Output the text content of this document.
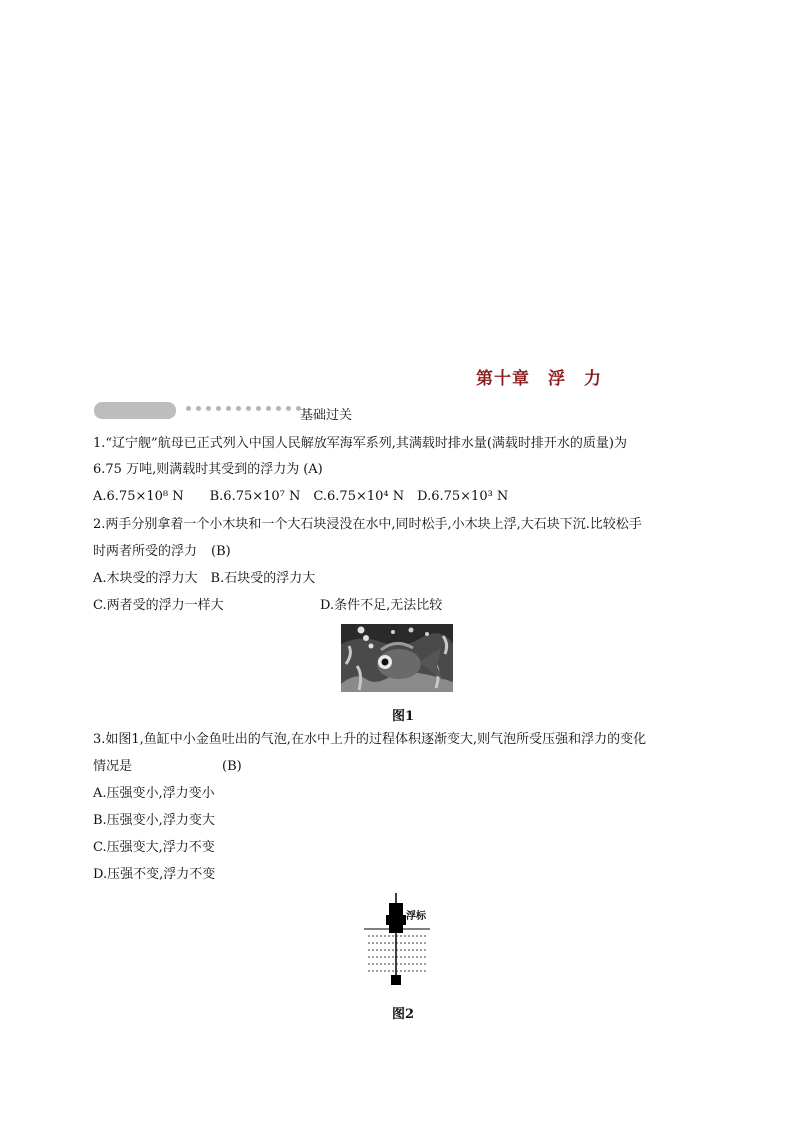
第十章 浮 力
基础过关
1.“辽宁舰”航母已正式列入中国人民解放军海军系列,其满载时排水量(满载时排开水的质量)为
6.75 万吨,则满载时其受到的浮力为 (A)
A.6.75×10⁸ N　　B.6.75×10⁷ N　C.6.75×10⁴ N　D.6.75×10³ N
2.两手分别拿着一个小木块和一个大石块浸没在水中,同时松手,小木块上浮,大石块下沉.比较松手
时两者所受的浮力 (B)
A.木块受的浮力大　B.石块受的浮力大
C.两者受的浮力一样大	D.条件不足,无法比较
图1
3.如图1,鱼缸中小金鱼吐出的气泡,在水中上升的过程体积逐渐变大,则气泡所受压强和浮力的变化
情况是	(B)
A.压强变小,浮力变小
B.压强变小,浮力变大
C.压强变大,浮力不变
D.压强不变,浮力不变
浮标
图2
